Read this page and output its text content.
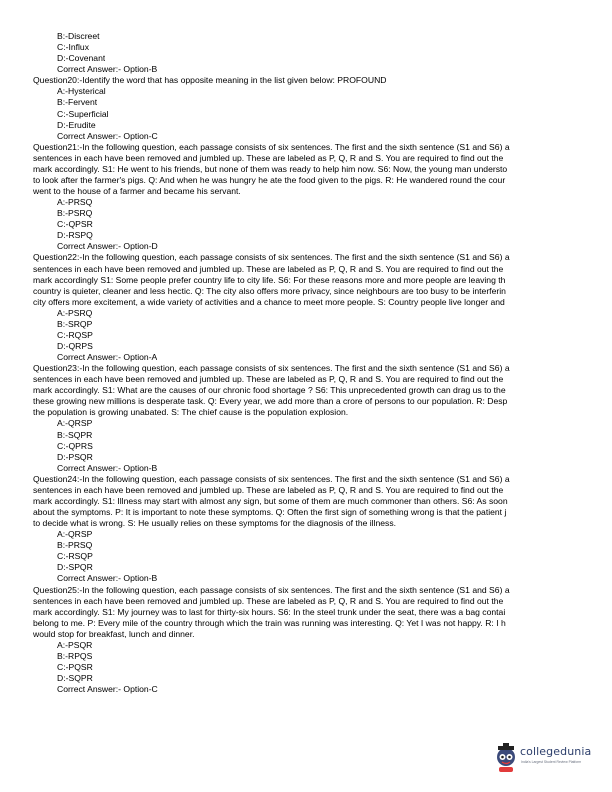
B:-Discreet
C:-Influx
D:-Covenant
Correct Answer:- Option-B
Question20:-Identify the word that has opposite meaning in the list given below: PROFOUND
A:-Hysterical
B:-Fervent
C:-Superficial
D:-Erudite
Correct Answer:- Option-C
Question21:-In the following question, each passage consists of six sentences. The first and the sixth sentence (S1 and S6) a
sentences in each have been removed and jumbled up. These are labeled as P, Q, R and S. You are required to find out the
mark accordingly. S1: He went to his friends, but none of them was ready to help him now. S6: Now, the young man understo
to look after the farmer's pigs. Q: And when he was hungry he ate the food given to the pigs. R: He wandered round the cour
went to the house of a farmer and became his servant.
A:-PRSQ
B:-PSRQ
C:-QPSR
D:-RSPQ
Correct Answer:- Option-D
Question22:-In the following question, each passage consists of six sentences. The first and the sixth sentence (S1 and S6) a
sentences in each have been removed and jumbled up. These are labeled as P, Q, R and S. You are required to find out the
mark accordingly S1: Some people prefer country life to city life. S6: For these reasons more and more people are leaving th
country is quieter, cleaner and less hectic. Q: The city also offers more privacy, since neighbours are too busy to be interferin
city offers more excitement, a wide variety of activities and a chance to meet more people. S: Country people live longer and
A:-PSRQ
B:-SRQP
C:-RQSP
D:-QRPS
Correct Answer:- Option-A
Question23:-In the following question, each passage consists of six sentences. The first and the sixth sentence (S1 and S6) a
sentences in each have been removed and jumbled up. These are labeled as P, Q, R and S. You are required to find out the
mark accordingly. S1: What are the causes of our chronic food shortage ? S6: This unprecedented growth can drag us to the
these growing new millions is desperate task. Q: Every year, we add more than a crore of persons to our population. R: Desp
the population is growing unabated. S: The chief cause is the population explosion.
A:-QRSP
B:-SQPR
C:-QPRS
D:-PSQR
Correct Answer:- Option-B
Question24:-In the following question, each passage consists of six sentences. The first and the sixth sentence (S1 and S6) a
sentences in each have been removed and jumbled up. These are labeled as P, Q, R and S. You are required to find out the
mark accordingly. S1: Illness may start with almost any sign, but some of them are much commoner than others. S6: As soon
about the symptoms. P: It is important to note these symptoms. Q: Often the first sign of something wrong is that the patient j
to decide what is wrong. S: He usually relies on these symptoms for the diagnosis of the illness.
A:-QRSP
B:-PRSQ
C:-RSQP
D:-SPQR
Correct Answer:- Option-B
Question25:-In the following question, each passage consists of six sentences. The first and the sixth sentence (S1 and S6) a
sentences in each have been removed and jumbled up. These are labeled as P, Q, R and S. You are required to find out the
mark accordingly. S1: My journey was to last for thirty-six hours. S6: In the steel trunk under the seat, there was a bag contai
belong to me. P: Every mile of the country through which the train was running was interesting. Q: Yet I was not happy. R: I h
would stop for breakfast, lunch and dinner.
A:-PSQR
B:-RPQS
C:-PQSR
D:-SQPR
Correct Answer:- Option-C
collegedunia
India's Largest Student Review Platform
